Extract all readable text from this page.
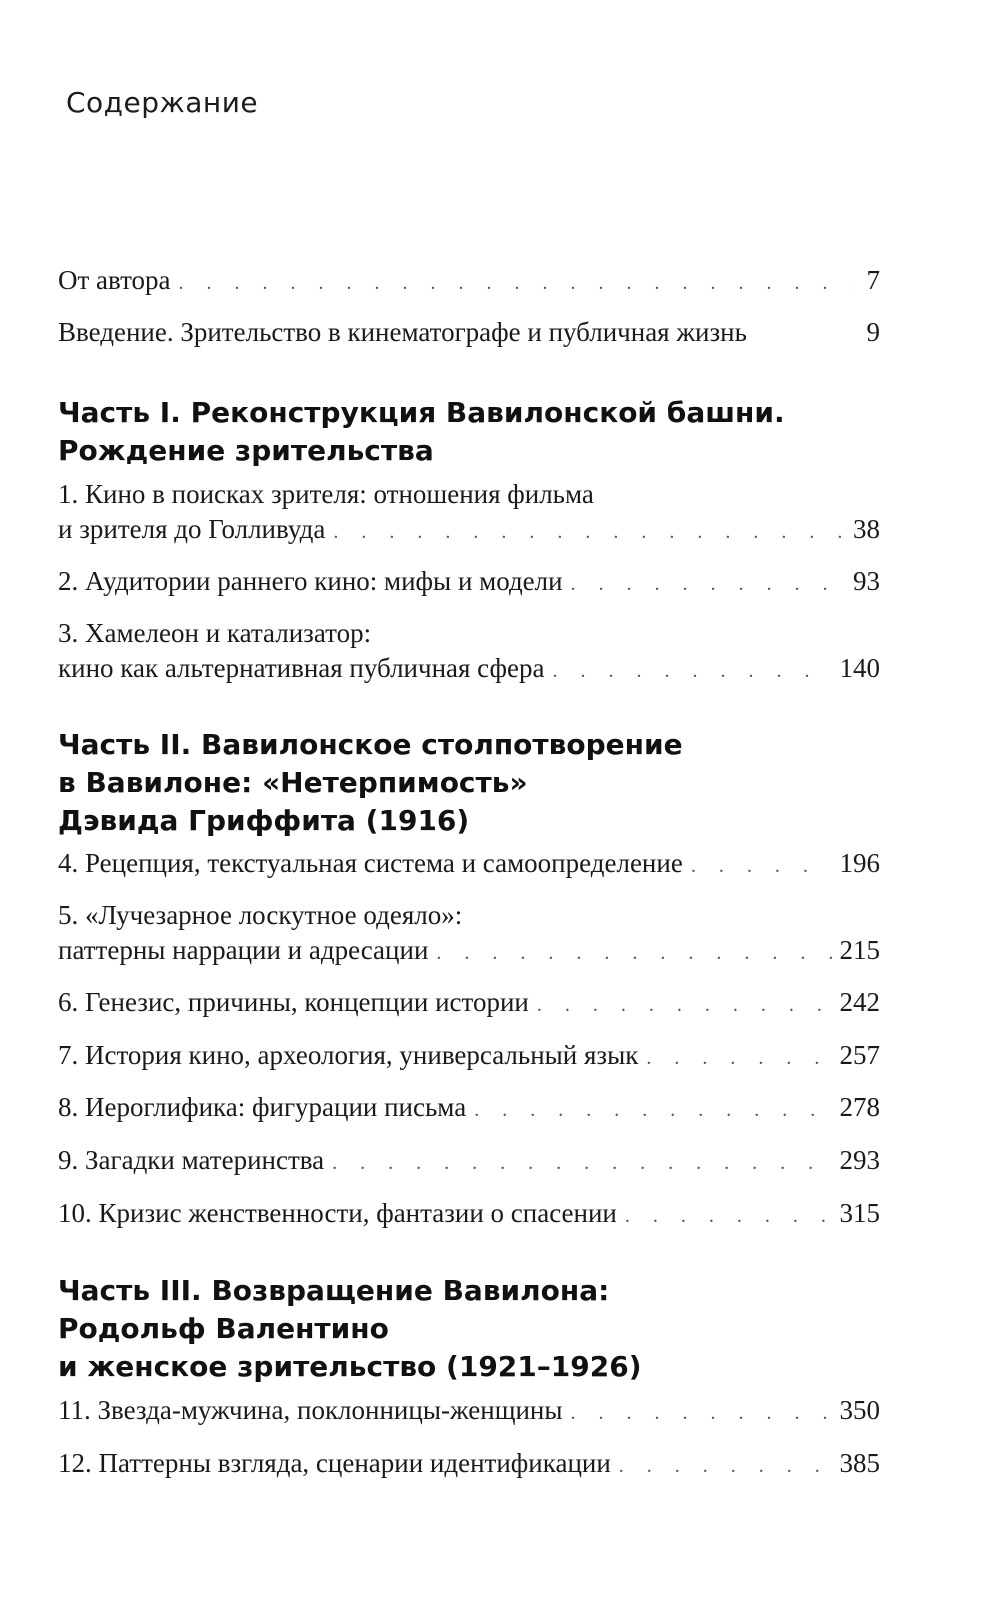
Содержание
От автора . . .	7
Введение. Зрительство в кинематографе и публичная жизнь	9
Часть I. Реконструкция Вавилонской башни.
Рождение зрительства
1. Кино в поисках зрителя: отношения фильма
и зрителя до Голливуда . . .	38
2. Аудитории раннего кино: мифы и модели . . .	93
3. Хамелеон и катализатор:
кино как альтернативная публичная сфера . . .	140
Часть II. Вавилонское столпотворение
в Вавилоне: «Нетерпимость»
Дэвида Гриффита (1916)
4. Рецепция, текстуальная система и самоопределение . . .	196
5. «Лучезарное лоскутное одеяло»:
паттерны наррации и адресации . . .	215
6. Генезис, причины, концепции истории . . .	242
7. История кино, археология, универсальный язык . . .	257
8. Иероглифика: фигурации письма . . .	278
9. Загадки материнства . . .	293
10. Кризис женственности, фантазии о спасении . . .	315
Часть III. Возвращение Вавилона:
Родольф Валентино
и женское зрительство (1921–1926)
11. Звезда-мужчина, поклонницы-женщины . . .	350
12. Паттерны взгляда, сценарии идентификации . . .	385
